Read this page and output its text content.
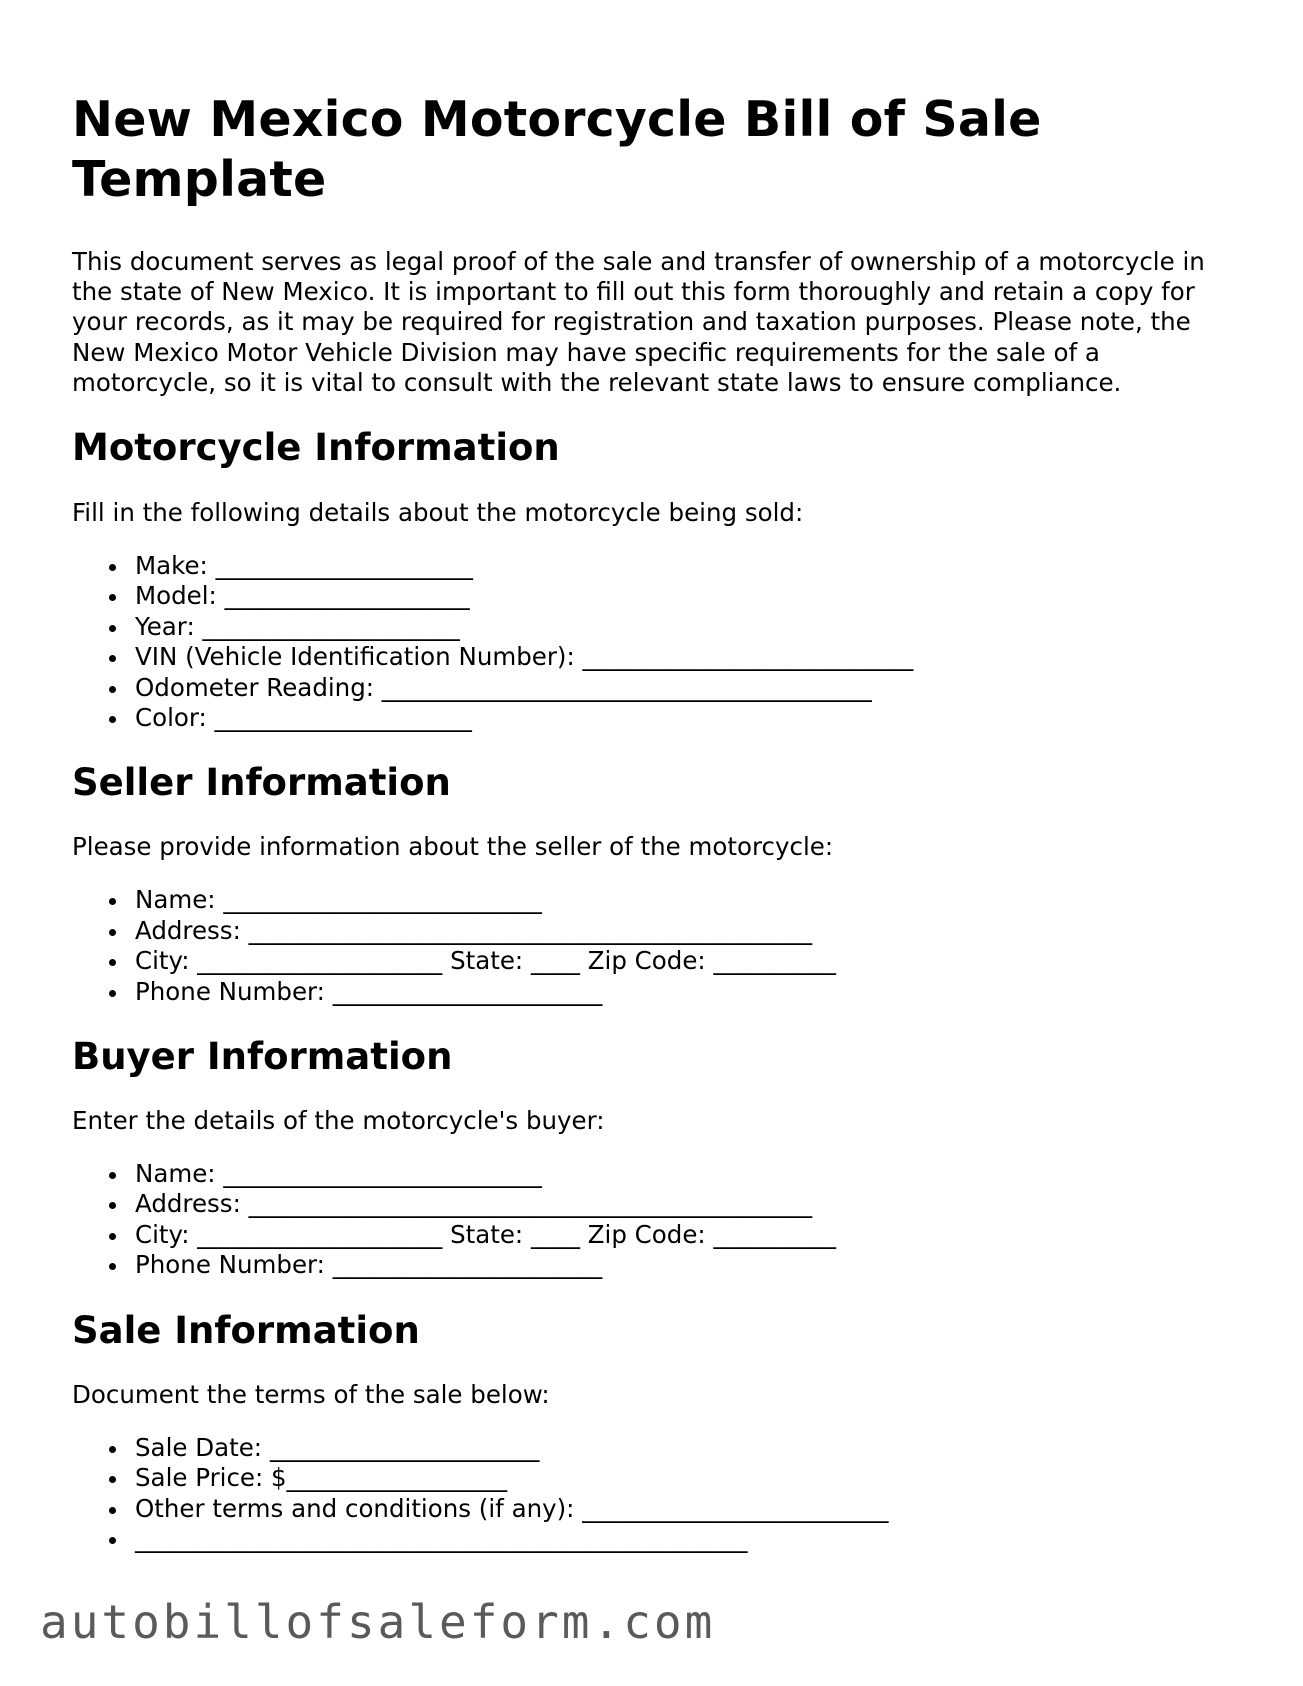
New Mexico Motorcycle Bill of Sale Template

This document serves as legal proof of the sale and transfer of ownership of a motorcycle in the state of New Mexico. It is important to fill out this form thoroughly and retain a copy for your records, as it may be required for registration and taxation purposes. Please note, the New Mexico Motor Vehicle Division may have specific requirements for the sale of a motorcycle, so it is vital to consult with the relevant state laws to ensure compliance.

Motorcycle Information

Fill in the following details about the motorcycle being sold:

Make: _____________________
Model: ____________________
Year: _____________________
VIN (Vehicle Identification Number): ___________________________
Odometer Reading: ________________________________________
Color: _____________________
Seller Information

Please provide information about the seller of the motorcycle:

Name: __________________________
Address: ______________________________________________
City: ____________________ State: ____ Zip Code: __________
Phone Number: ______________________
Buyer Information

Enter the details of the motorcycle's buyer:

Name: __________________________
Address: ______________________________________________
City: ____________________ State: ____ Zip Code: __________
Phone Number: ______________________
Sale Information

Document the terms of the sale below:

Sale Date: ______________________
Sale Price: $__________________
Other terms and conditions (if any): _________________________
__________________________________________________
autobillofsaleform.com
